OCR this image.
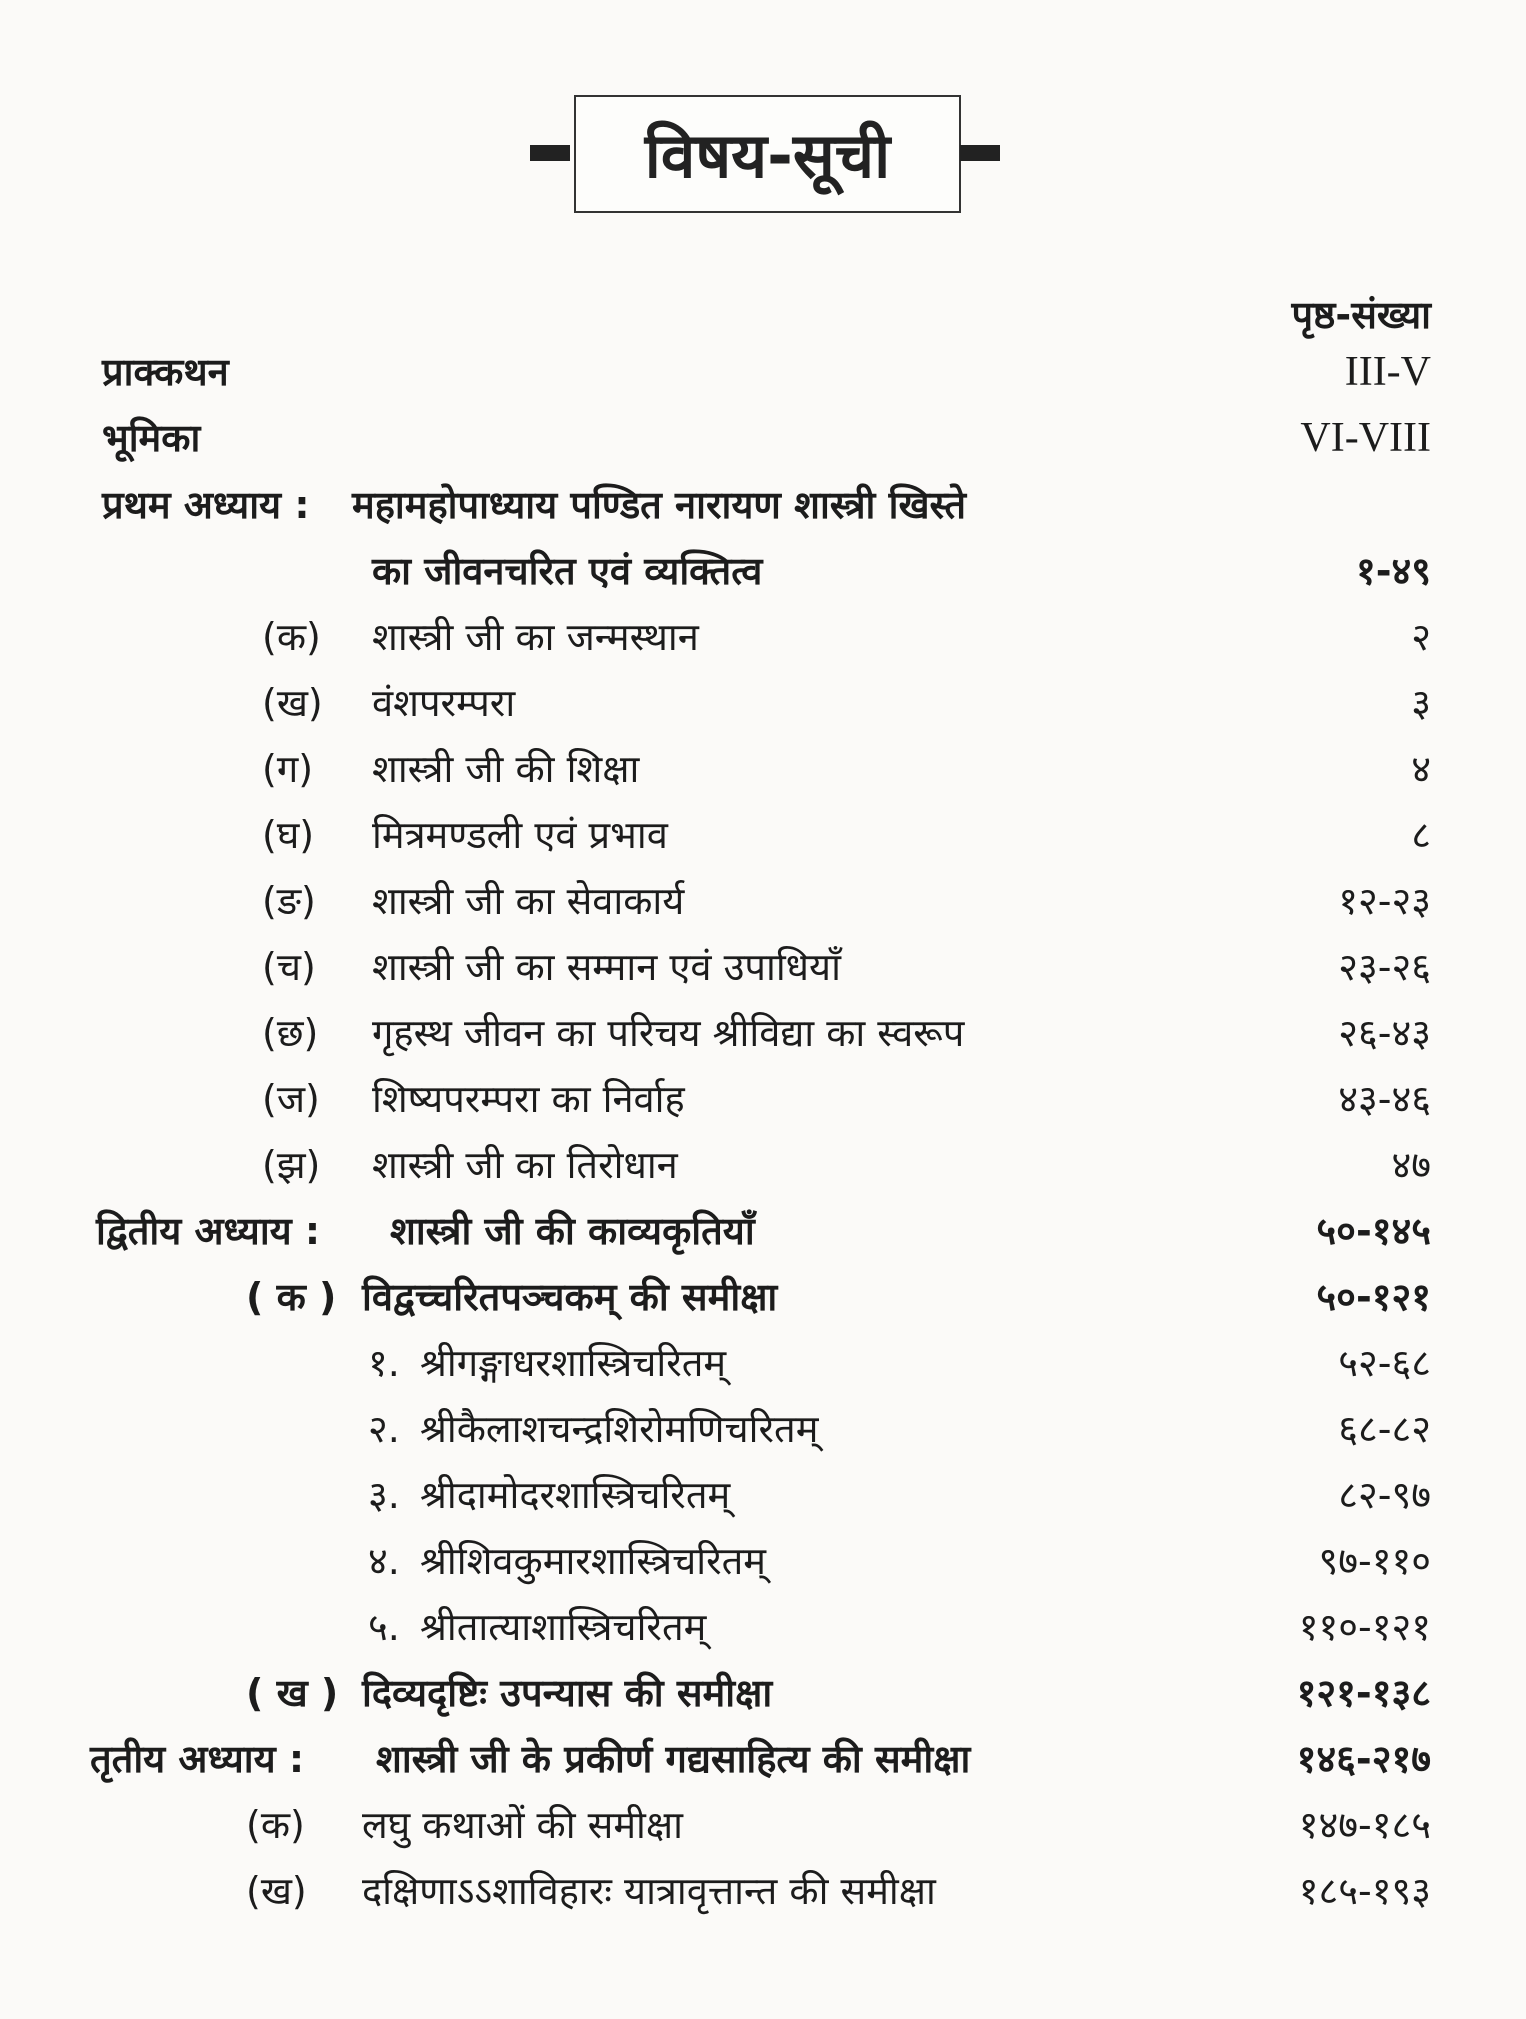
विषय-सूची
पृष्ठ-संख्या
प्राक्कथन	III-V
भूमिका	VI-VIII
प्रथम अध्याय : महामहोपाध्याय पण्डित नारायण शास्त्री खिस्ते
का जीवनचरित एवं व्यक्तित्व	१-४९
(क) शास्त्री जी का जन्मस्थान	२
(ख) वंशपरम्परा	३
(ग) शास्त्री जी की शिक्षा	४
(घ) मित्रमण्डली एवं प्रभाव	८
(ङ) शास्त्री जी का सेवाकार्य	१२-२३
(च) शास्त्री जी का सम्मान एवं उपाधियाँ	२३-२६
(छ) गृहस्थ जीवन का परिचय श्रीविद्या का स्वरूप	२६-४३
(ज) शिष्यपरम्परा का निर्वाह	४३-४६
(झ) शास्त्री जी का तिरोधान	४७
द्वितीय अध्याय : शास्त्री जी की काव्यकृतियाँ	५०-१४५
( क ) विद्वच्चरितपञ्चकम् की समीक्षा	५०-१२१
१. श्रीगङ्गाधरशास्त्रिचरितम्	५२-६८
२. श्रीकैलाशचन्द्रशिरोमणिचरितम्	६८-८२
३. श्रीदामोदरशास्त्रिचरितम्	८२-९७
४. श्रीशिवकुमारशास्त्रिचरितम्	९७-११०
५. श्रीतात्याशास्त्रिचरितम्	११०-१२१
( ख ) दिव्यदृष्टिः उपन्यास की समीक्षा	१२१-१३८
तृतीय अध्याय : शास्त्री जी के प्रकीर्ण गद्यसाहित्य की समीक्षा	१४६-२१७
(क) लघु कथाओं की समीक्षा	१४७-१८५
(ख) दक्षिणाऽऽशाविहारः यात्रावृत्तान्त की समीक्षा	१८५-१९३
